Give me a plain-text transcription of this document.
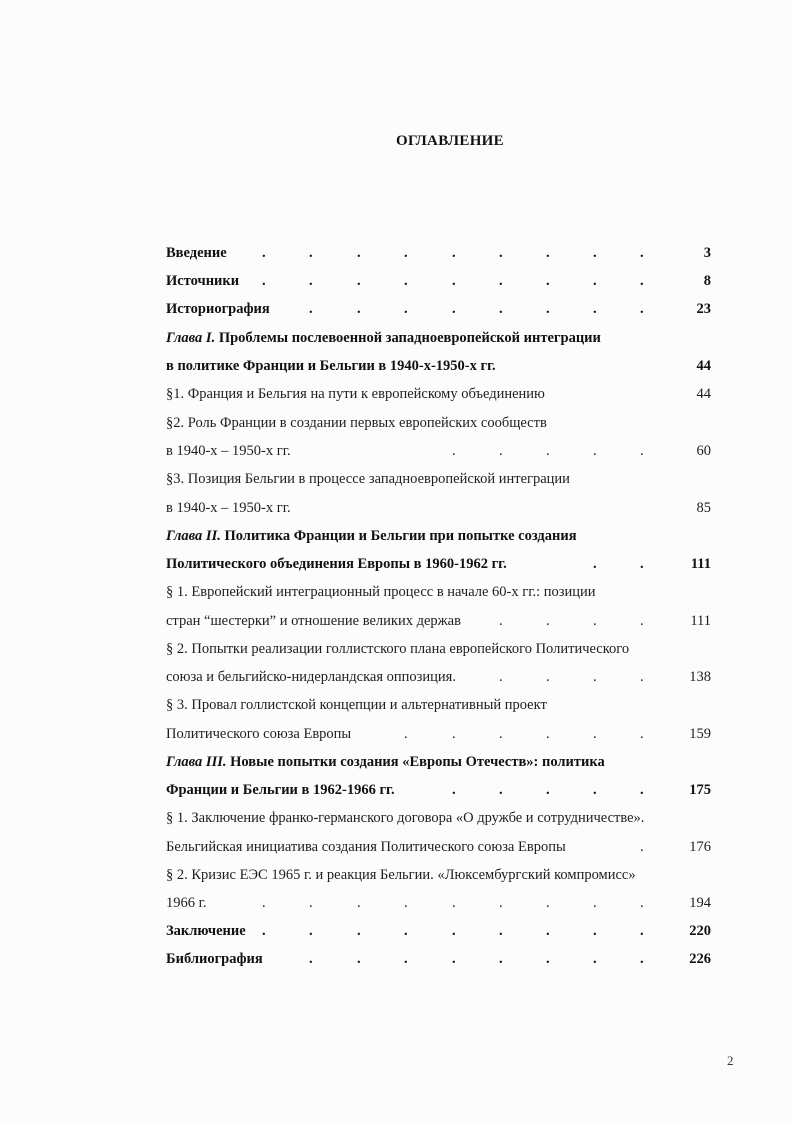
ОГЛАВЛЕНИЕ
Введение .	.	.	.	.	.	.	.	.	3
Источники .	.	.	.	.	.	.	.	.	8
Историография	.	.	.	.	.	.	.	.	23
Глава I. Проблемы послевоенной западноевропейской интеграции
в политике Франции и Бельгии в 1940-х-1950-х гг.	44
§1. Франция и Бельгия на пути к европейскому объединению	44
§2. Роль Франции в создании первых европейских сообществ
в 1940-х – 1950-х гг.	.	.	.	.	.	60
§3. Позиция Бельгии в процессе западноевропейской интеграции
в 1940-х – 1950-х гг.	85
Глава II. Политика Франции и Бельгии при попытке создания
Политического объединения Европы в 1960-1962 гг.	.	.	111
§ 1. Европейский интеграционный процесс в начале 60-х гг.: позиции
стран “шестерки” и отношение великих держав	.	.	.	.	111
§ 2. Попытки реализации голлистского плана европейского Политического
союза и бельгийско-нидерландская оппозиция.	.	.	.	.	138
§ 3. Провал голлистской концепции и альтернативный проект
Политического союза Европы	.	.	.	.	.	.	159
Глава III. Новые попытки создания «Европы Отечеств»: политика
Франции и Бельгии в 1962-1966 гг.	.	.	.	.	.	175
§ 1. Заключение франко-германского договора «О дружбе и сотрудничестве».
Бельгийская инициатива создания Политического союза Европы	.	176
§ 2. Кризис ЕЭС 1965 г. и реакция Бельгии. «Люксембургский компромисс»
1966 г.	.	.	.	.	.	.	.	.	.	194
Заключение .	.	.	.	.	.	.	.	.	220
Библиография	.	.	.	.	.	.	.	.	226
2
